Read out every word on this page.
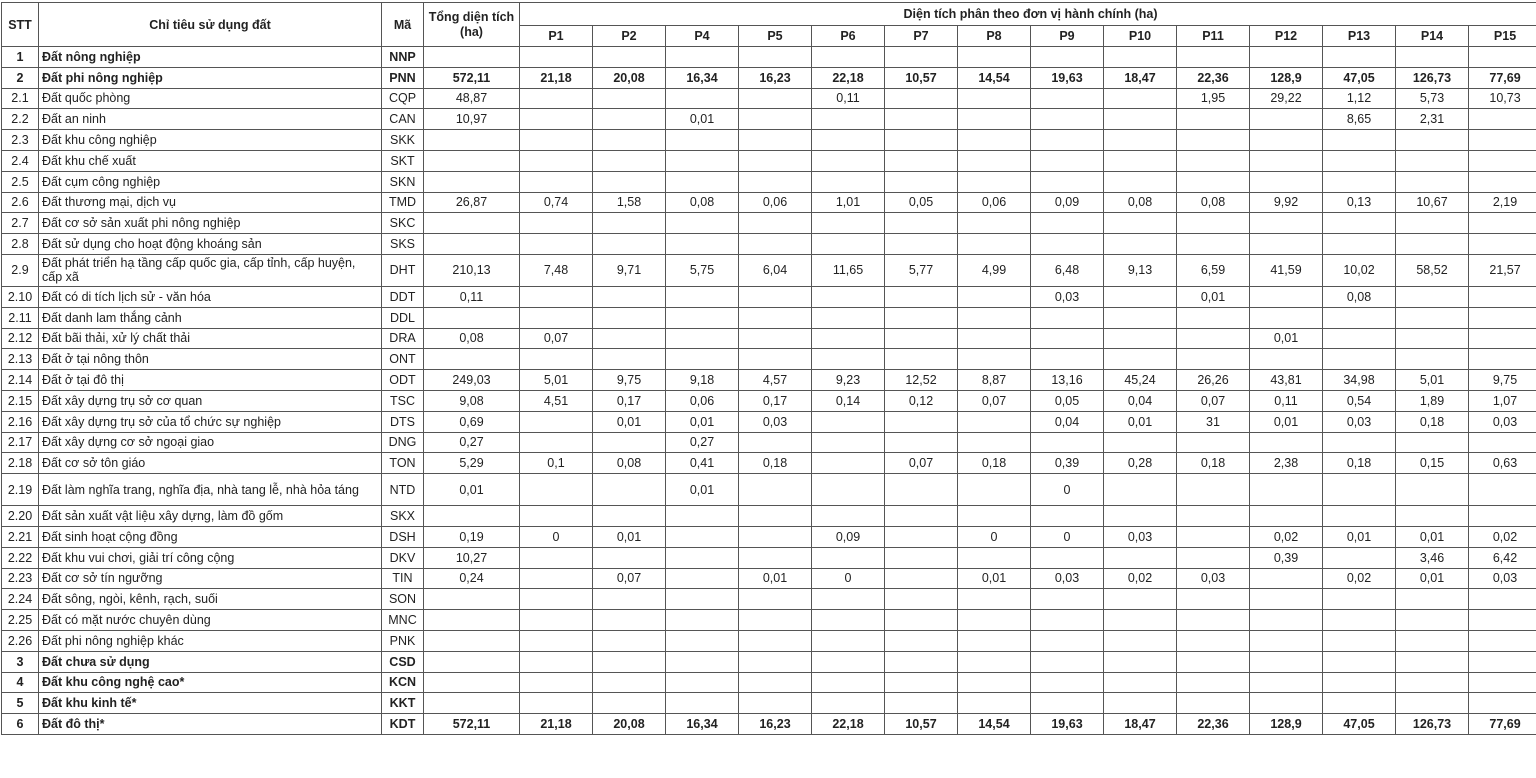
STT	Chỉ tiêu sử dụng đất	Mã	Tổng diện tích (ha)	Diện tích phân theo đơn vị hành chính (ha)													
				P1	P2	P4	P5	P6	P7	P8	P9	P10	P11	P12	P13	P14	P15
1	Đất nông nghiệp	NNP															
2	Đất phi nông nghiệp	PNN	572,11	21,18	20,08	16,34	16,23	22,18	10,57	14,54	19,63	18,47	22,36	128,9	47,05	126,73	77,69
2.1	Đất quốc phòng	CQP	48,87					0,11					1,95	29,22	1,12	5,73	10,73
2.2	Đất an ninh	CAN	10,97			0,01									8,65	2,31	
2.3	Đất khu công nghiệp	SKK															
2.4	Đất khu chế xuất	SKT															
2.5	Đất cụm công nghiệp	SKN															
2.6	Đất thương mại, dịch vụ	TMD	26,87	0,74	1,58	0,08	0,06	1,01	0,05	0,06	0,09	0,08	0,08	9,92	0,13	10,67	2,19
2.7	Đất cơ sở sản xuất phi nông nghiệp	SKC															
2.8	Đất sử dụng cho hoạt động khoáng sản	SKS															
2.9	Đất phát triển hạ tầng cấp quốc gia, cấp tỉnh, cấp huyện, cấp xã	DHT	210,13	7,48	9,71	5,75	6,04	11,65	5,77	4,99	6,48	9,13	6,59	41,59	10,02	58,52	21,57
2.10	Đất có di tích lịch sử - văn hóa	DDT	0,11								0,03		0,01		0,08		
2.11	Đất danh lam thắng cảnh	DDL															
2.12	Đất bãi thải, xử lý chất thải	DRA	0,08	0,07										0,01			
2.13	Đất ở tại nông thôn	ONT															
2.14	Đất ở tại đô thị	ODT	249,03	5,01	9,75	9,18	4,57	9,23	12,52	8,87	13,16	45,24	26,26	43,81	34,98	5,01	9,75
2.15	Đất xây dựng trụ sở cơ quan	TSC	9,08	4,51	0,17	0,06	0,17	0,14	0,12	0,07	0,05	0,04	0,07	0,11	0,54	1,89	1,07
2.16	Đất xây dựng trụ sở của tổ chức sự nghiệp	DTS	0,69		0,01	0,01	0,03				0,04	0,01	31	0,01	0,03	0,18	0,03
2.17	Đất xây dựng cơ sở ngoại giao	DNG	0,27			0,27											
2.18	Đất cơ sở tôn giáo	TON	5,29	0,1	0,08	0,41	0,18		0,07	0,18	0,39	0,28	0,18	2,38	0,18	0,15	0,63
2.19	Đất làm nghĩa trang, nghĩa địa, nhà tang lễ, nhà hỏa táng	NTD	0,01			0,01					0						
2.20	Đất sản xuất vật liệu xây dựng, làm đồ gốm	SKX															
2.21	Đất sinh hoạt cộng đồng	DSH	0,19	0	0,01			0,09		0	0	0,03		0,02	0,01	0,01	0,02
2.22	Đất khu vui chơi, giải trí công cộng	DKV	10,27											0,39		3,46	6,42
2.23	Đất cơ sở tín ngưỡng	TIN	0,24		0,07		0,01	0		0,01	0,03	0,02	0,03		0,02	0,01	0,03
2.24	Đất sông, ngòi, kênh, rạch, suối	SON															
2.25	Đất có mặt nước chuyên dùng	MNC															
2.26	Đất phi nông nghiệp khác	PNK															
3	Đất chưa sử dụng	CSD															
4	Đất khu công nghệ cao*	KCN															
5	Đất khu kinh tế*	KKT															
6	Đất đô thị*	KDT	572,11	21,18	20,08	16,34	16,23	22,18	10,57	14,54	19,63	18,47	22,36	128,9	47,05	126,73	77,69
